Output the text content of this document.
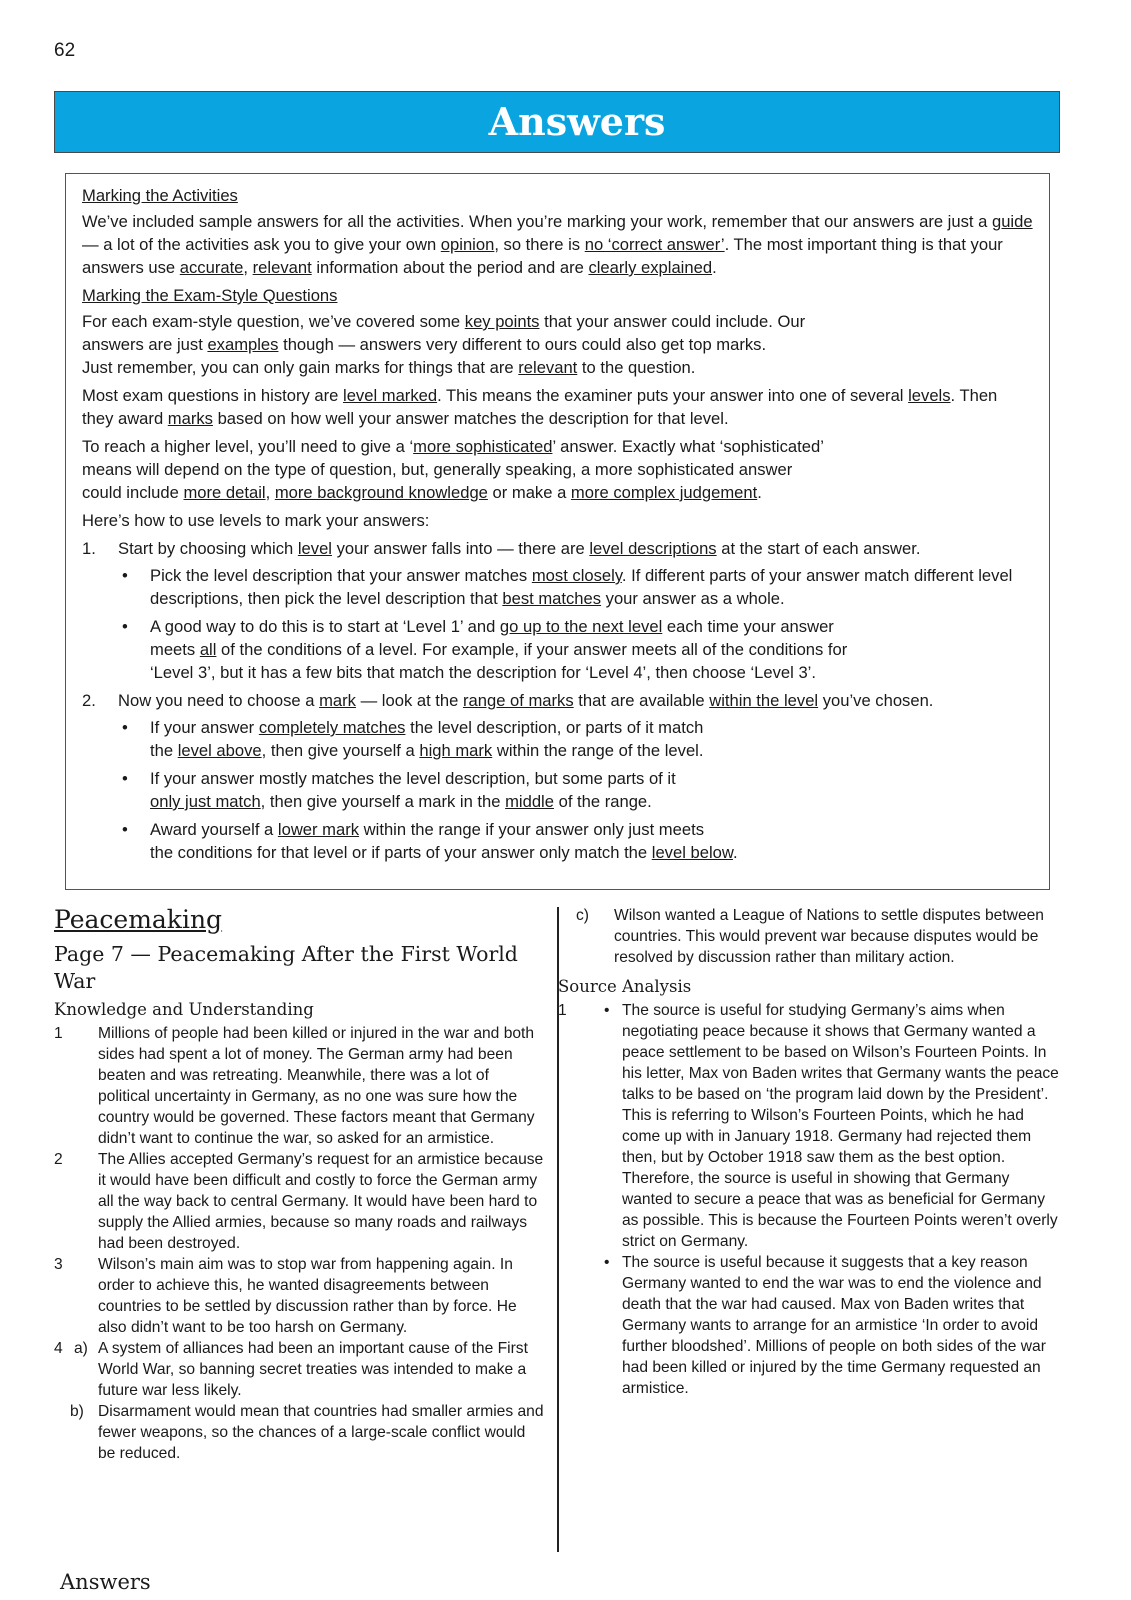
62
Answers
Marking the Activities

We’ve included sample answers for all the activities. When you’re marking your work, remember that our answers are just a guide — a lot of the activities ask you to give your own opinion, so there is no ‘correct answer’. The most important thing is that your answers use accurate, relevant information about the period and are clearly explained.

Marking the Exam-Style Questions

For each exam-style question, we’ve covered some key points that your answer could include. Our
answers are just examples though — answers very different to ours could also get top marks.
Just remember, you can only gain marks for things that are relevant to the question.

Most exam questions in history are level marked. This means the examiner puts your answer into one of several levels. Then they award marks based on how well your answer matches the description for that level.

To reach a higher level, you’ll need to give a ‘more sophisticated’ answer. Exactly what ‘sophisticated’
means will depend on the type of question, but, generally speaking, a more sophisticated answer
could include more detail, more background knowledge or make a more complex judgement.

Here’s how to use levels to mark your answers:

1. Start by choosing which level your answer falls into — there are level descriptions at the start of each answer.
• Pick the level description that your answer matches most closely. If different parts of your answer match different level descriptions, then pick the level description that best matches your answer as a whole.
• A good way to do this is to start at ‘Level 1’ and go up to the next level each time your answer
meets all of the conditions of a level. For example, if your answer meets all of the conditions for
‘Level 3’, but it has a few bits that match the description for ‘Level 4’, then choose ‘Level 3’.
2. Now you need to choose a mark — look at the range of marks that are available within the level you’ve chosen.
• If your answer completely matches the level description, or parts of it match
the level above, then give yourself a high mark within the range of the level.
• If your answer mostly matches the level description, but some parts of it
only just match, then give yourself a mark in the middle of the range.
• Award yourself a lower mark within the range if your answer only just meets
the conditions for that level or if parts of your answer only match the level below.
Peacemaking
Page 7 — Peacemaking After the First World War
Knowledge and Understanding
1 Millions of people had been killed or injured in the war and both sides had spent a lot of money. The German army had been beaten and was retreating. Meanwhile, there was a lot of political uncertainty in Germany, as no one was sure how the country would be governed. These factors meant that Germany didn’t want to continue the war, so asked for an armistice.
2 The Allies accepted Germany’s request for an armistice because it would have been difficult and costly to force the German army all the way back to central Germany. It would have been hard to supply the Allied armies, because so many roads and railways had been destroyed.
3 Wilson’s main aim was to stop war from happening again. In order to achieve this, he wanted disagreements between countries to be settled by discussion rather than by force. He also didn’t want to be too harsh on Germany.
4 a) A system of alliances had been an important cause of the First World War, so banning secret treaties was intended to make a future war less likely.
b) Disarmament would mean that countries had smaller armies and fewer weapons, so the chances of a large-scale conflict would be reduced.
c) Wilson wanted a League of Nations to settle disputes between countries. This would prevent war because disputes would be resolved by discussion rather than military action.
Source Analysis
1 • The source is useful for studying Germany’s aims when negotiating peace because it shows that Germany wanted a peace settlement to be based on Wilson’s Fourteen Points. In his letter, Max von Baden writes that Germany wants the peace talks to be based on ‘the program laid down by the President’. This is referring to Wilson’s Fourteen Points, which he had come up with in January 1918. Germany had rejected them then, but by October 1918 saw them as the best option. Therefore, the source is useful in showing that Germany wanted to secure a peace that was as beneficial for Germany as possible. This is because the Fourteen Points weren’t overly strict on Germany.
• The source is useful because it suggests that a key reason Germany wanted to end the war was to end the violence and death that the war had caused. Max von Baden writes that Germany wants to arrange for an armistice ‘In order to avoid further bloodshed’. Millions of people on both sides of the war had been killed or injured by the time Germany requested an armistice.
Answers
